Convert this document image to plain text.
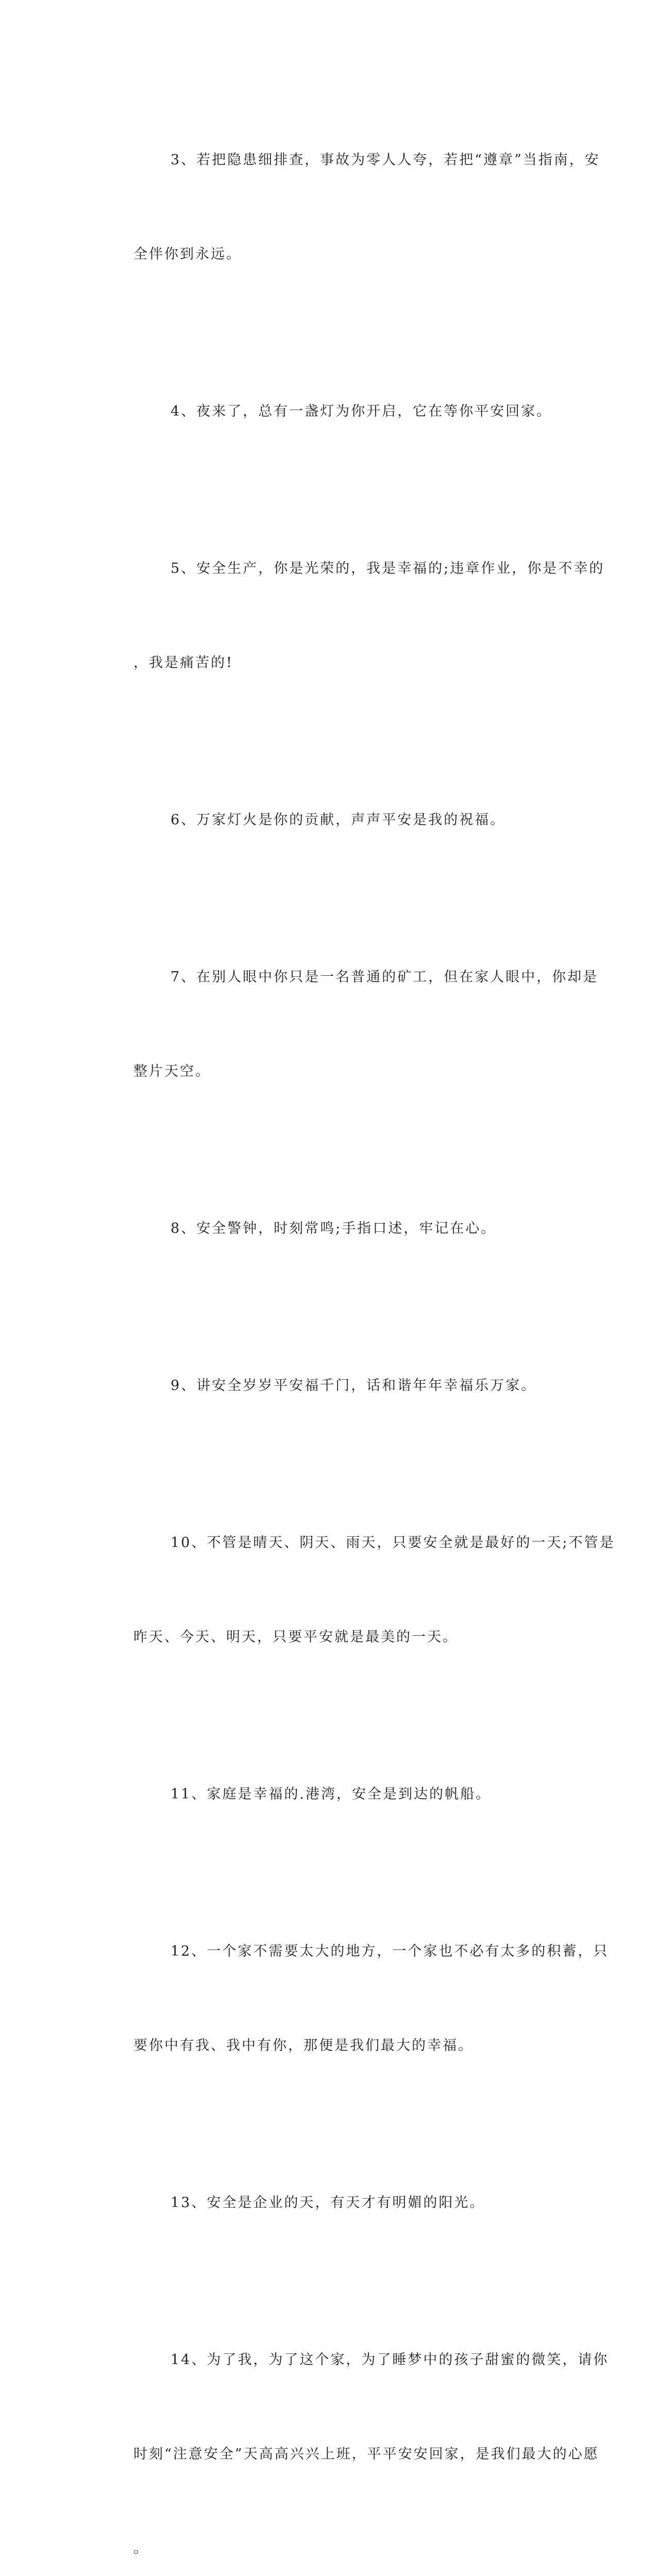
3、若把隐患细排查，事故为零人人夸，若把“遵章”当指南，安

全伴你到永远。

4、夜来了，总有一盏灯为你开启，它在等你平安回家。

5、安全生产，你是光荣的，我是幸福的;违章作业，你是不幸的

，我是痛苦的!

6、万家灯火是你的贡献，声声平安是我的祝福。

7、在别人眼中你只是一名普通的矿工，但在家人眼中，你却是

整片天空。

8、安全警钟，时刻常鸣;手指口述，牢记在心。

9、讲安全岁岁平安福千门，话和谐年年幸福乐万家。

10、不管是晴天、阴天、雨天，只要安全就是最好的一天;不管是

昨天、今天、明天，只要平安就是最美的一天。

11、家庭是幸福的.港湾，安全是到达的帆船。

12、一个家不需要太大的地方，一个家也不必有太多的积蓄，只

要你中有我、我中有你，那便是我们最大的幸福。

13、安全是企业的天，有天才有明媚的阳光。

14、为了我，为了这个家，为了睡梦中的孩子甜蜜的微笑，请你

时刻“注意安全”天高高兴兴上班，平平安安回家，是我们最大的心愿

。
